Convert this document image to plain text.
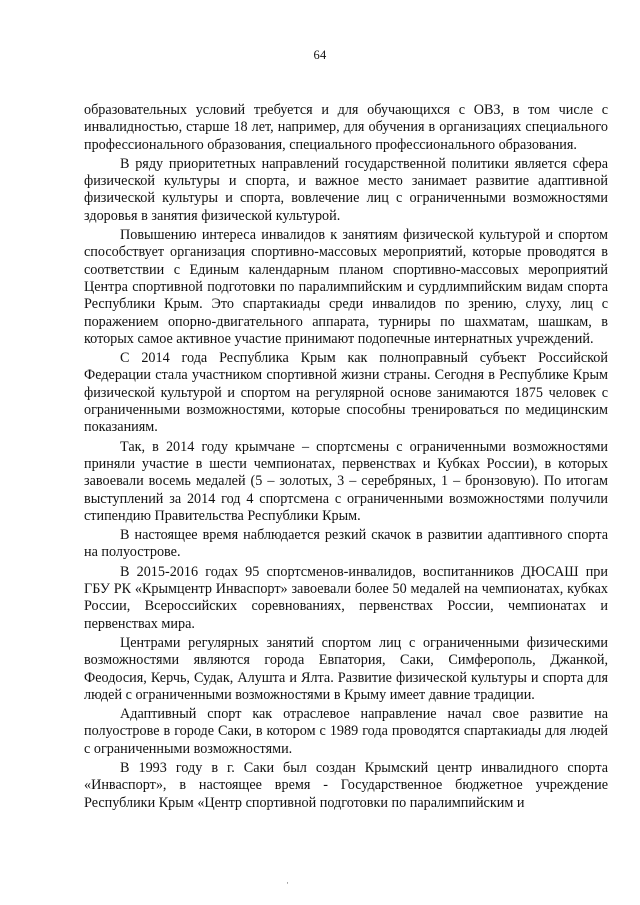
64

образовательных условий требуется и для обучающихся с ОВЗ, в том числе с инвалидностью, старше 18 лет, например, для обучения в организациях специального профессионального образования, специального профессионального образования.

В ряду приоритетных направлений государственной политики является сфера физической культуры и спорта, и важное место занимает развитие адаптивной физической культуры и спорта, вовлечение лиц с ограниченными возможностями здоровья в занятия физической культурой.

Повышению интереса инвалидов к занятиям физической культурой и спортом способствует организация спортивно-массовых мероприятий, которые проводятся в соответствии с Единым календарным планом спортивно-массовых мероприятий Центра спортивной подготовки по паралимпийским и сурдлимпийским видам спорта Республики Крым. Это спартакиады среди инвалидов по зрению, слуху, лиц с поражением опорно-двигательного аппарата, турниры по шахматам, шашкам, в которых самое активное участие принимают подопечные интернатных учреждений.

С 2014 года Республика Крым как полноправный субъект Российской Федерации стала участником спортивной жизни страны. Сегодня в Республике Крым физической культурой и спортом на регулярной основе занимаются 1875 человек с ограниченными возможностями, которые способны тренироваться по медицинским показаниям.

Так, в 2014 году крымчане – спортсмены с ограниченными возможностями приняли участие в шести чемпионатах, первенствах и Кубках России), в которых завоевали восемь медалей (5 – золотых, 3 – серебряных, 1 – бронзовую). По итогам выступлений за 2014 год 4 спортсмена с ограниченными возможностями получили стипендию Правительства Республики Крым.

В настоящее время наблюдается резкий скачок в развитии адаптивного спорта на полуострове.

В 2015-2016 годах 95 спортсменов-инвалидов, воспитанников ДЮСАШ при ГБУ РК «Крымцентр Инваспорт» завоевали более 50 медалей на чемпионатах, кубках России, Всероссийских соревнованиях, первенствах России, чемпионатах и первенствах мира.

Центрами регулярных занятий спортом лиц с ограниченными физическими возможностями являются города Евпатория, Саки, Симферополь, Джанкой, Феодосия, Керчь, Судак, Алушта и Ялта. Развитие физической культуры и спорта для людей с ограниченными возможностями в Крыму имеет давние традиции.

Адаптивный спорт как отраслевое направление начал свое развитие на полуострове в городе Саки, в котором с 1989 года проводятся спартакиады для людей с ограниченными возможностями.

В 1993 году в г. Саки был создан Крымский центр инвалидного спорта «Инваспорт», в настоящее время - Государственное бюджетное учреждение Республики Крым «Центр спортивной подготовки по паралимпийским и

·
